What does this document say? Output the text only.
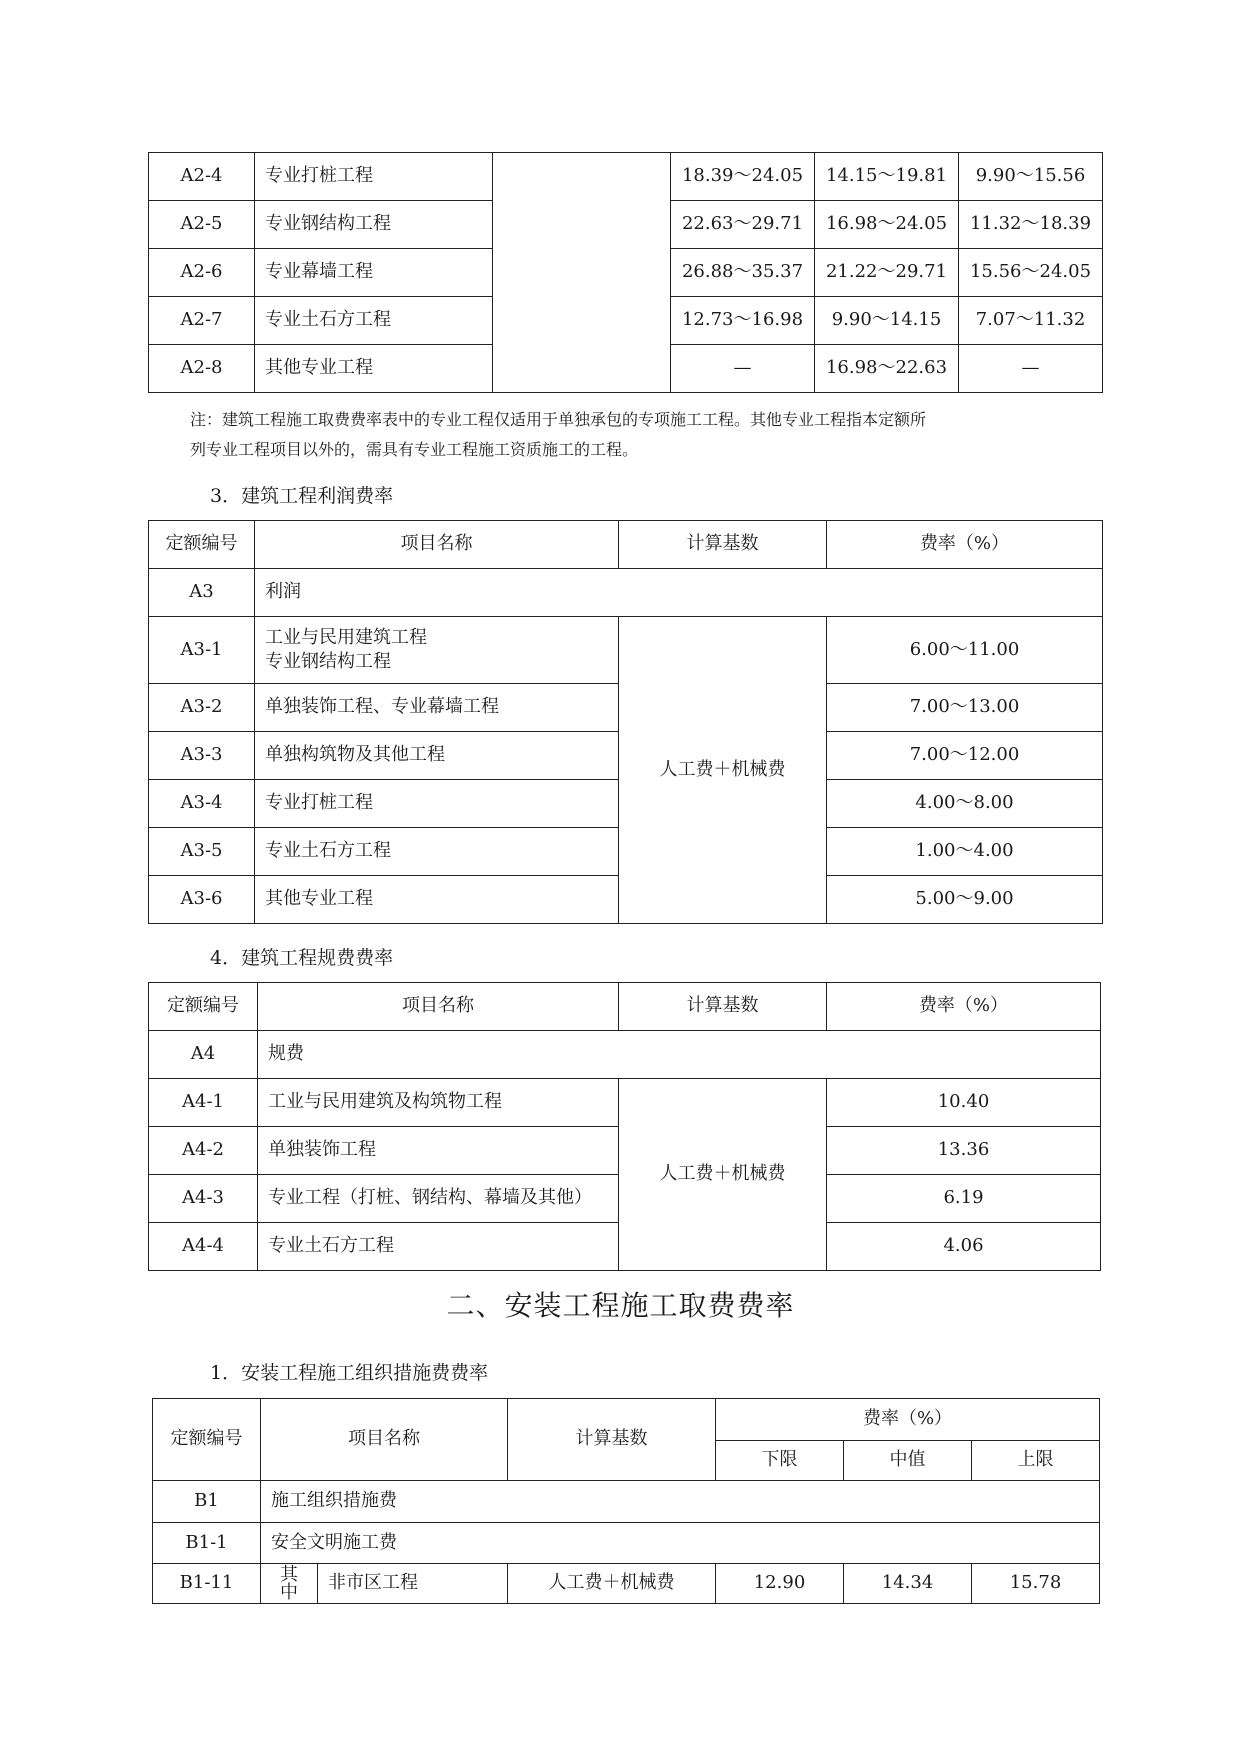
A2-4	专业打桩工程		18.39～24.05	14.15～19.81	9.90～15.56
A2-5	专业钢结构工程		22.63～29.71	16.98～24.05	11.32～18.39
A2-6	专业幕墙工程		26.88～35.37	21.22～29.71	15.56～24.05
A2-7	专业土石方工程		12.73～16.98	9.90～14.15	7.07～11.32
A2-8	其他专业工程		—	16.98～22.63	—
注：建筑工程施工取费费率表中的专业工程仅适用于单独承包的专项施工工程。其他专业工程指本定额所
列专业工程项目以外的，需具有专业工程施工资质施工的工程。
3．建筑工程利润费率
定额编号	项目名称	计算基数	费率（%）
A3	利润		
A3-1	工业与民用建筑工程
专业钢结构工程	人工费＋机械费	6.00～11.00
A3-2	单独装饰工程、专业幕墙工程		7.00～13.00
A3-3	单独构筑物及其他工程		7.00～12.00
A3-4	专业打桩工程		4.00～8.00
A3-5	专业土石方工程		1.00～4.00
A3-6	其他专业工程		5.00～9.00
4．建筑工程规费费率
定额编号	项目名称	计算基数	费率（%）
A4	规费		
A4-1	工业与民用建筑及构筑物工程	人工费＋机械费	10.40
A4-2	单独装饰工程		13.36
A4-3	专业工程（打桩、钢结构、幕墙及其他）		6.19
A4-4	专业土石方工程		4.06
二、安装工程施工取费费率
1．安装工程施工组织措施费费率
定额编号	项目名称		计算基数	费率（%）		
				下限	中值	上限
B1	施工组织措施费					
B1-1	安全文明施工费					
B1-11	其
中	非市区工程	人工费＋机械费	12.90	14.34	15.78
